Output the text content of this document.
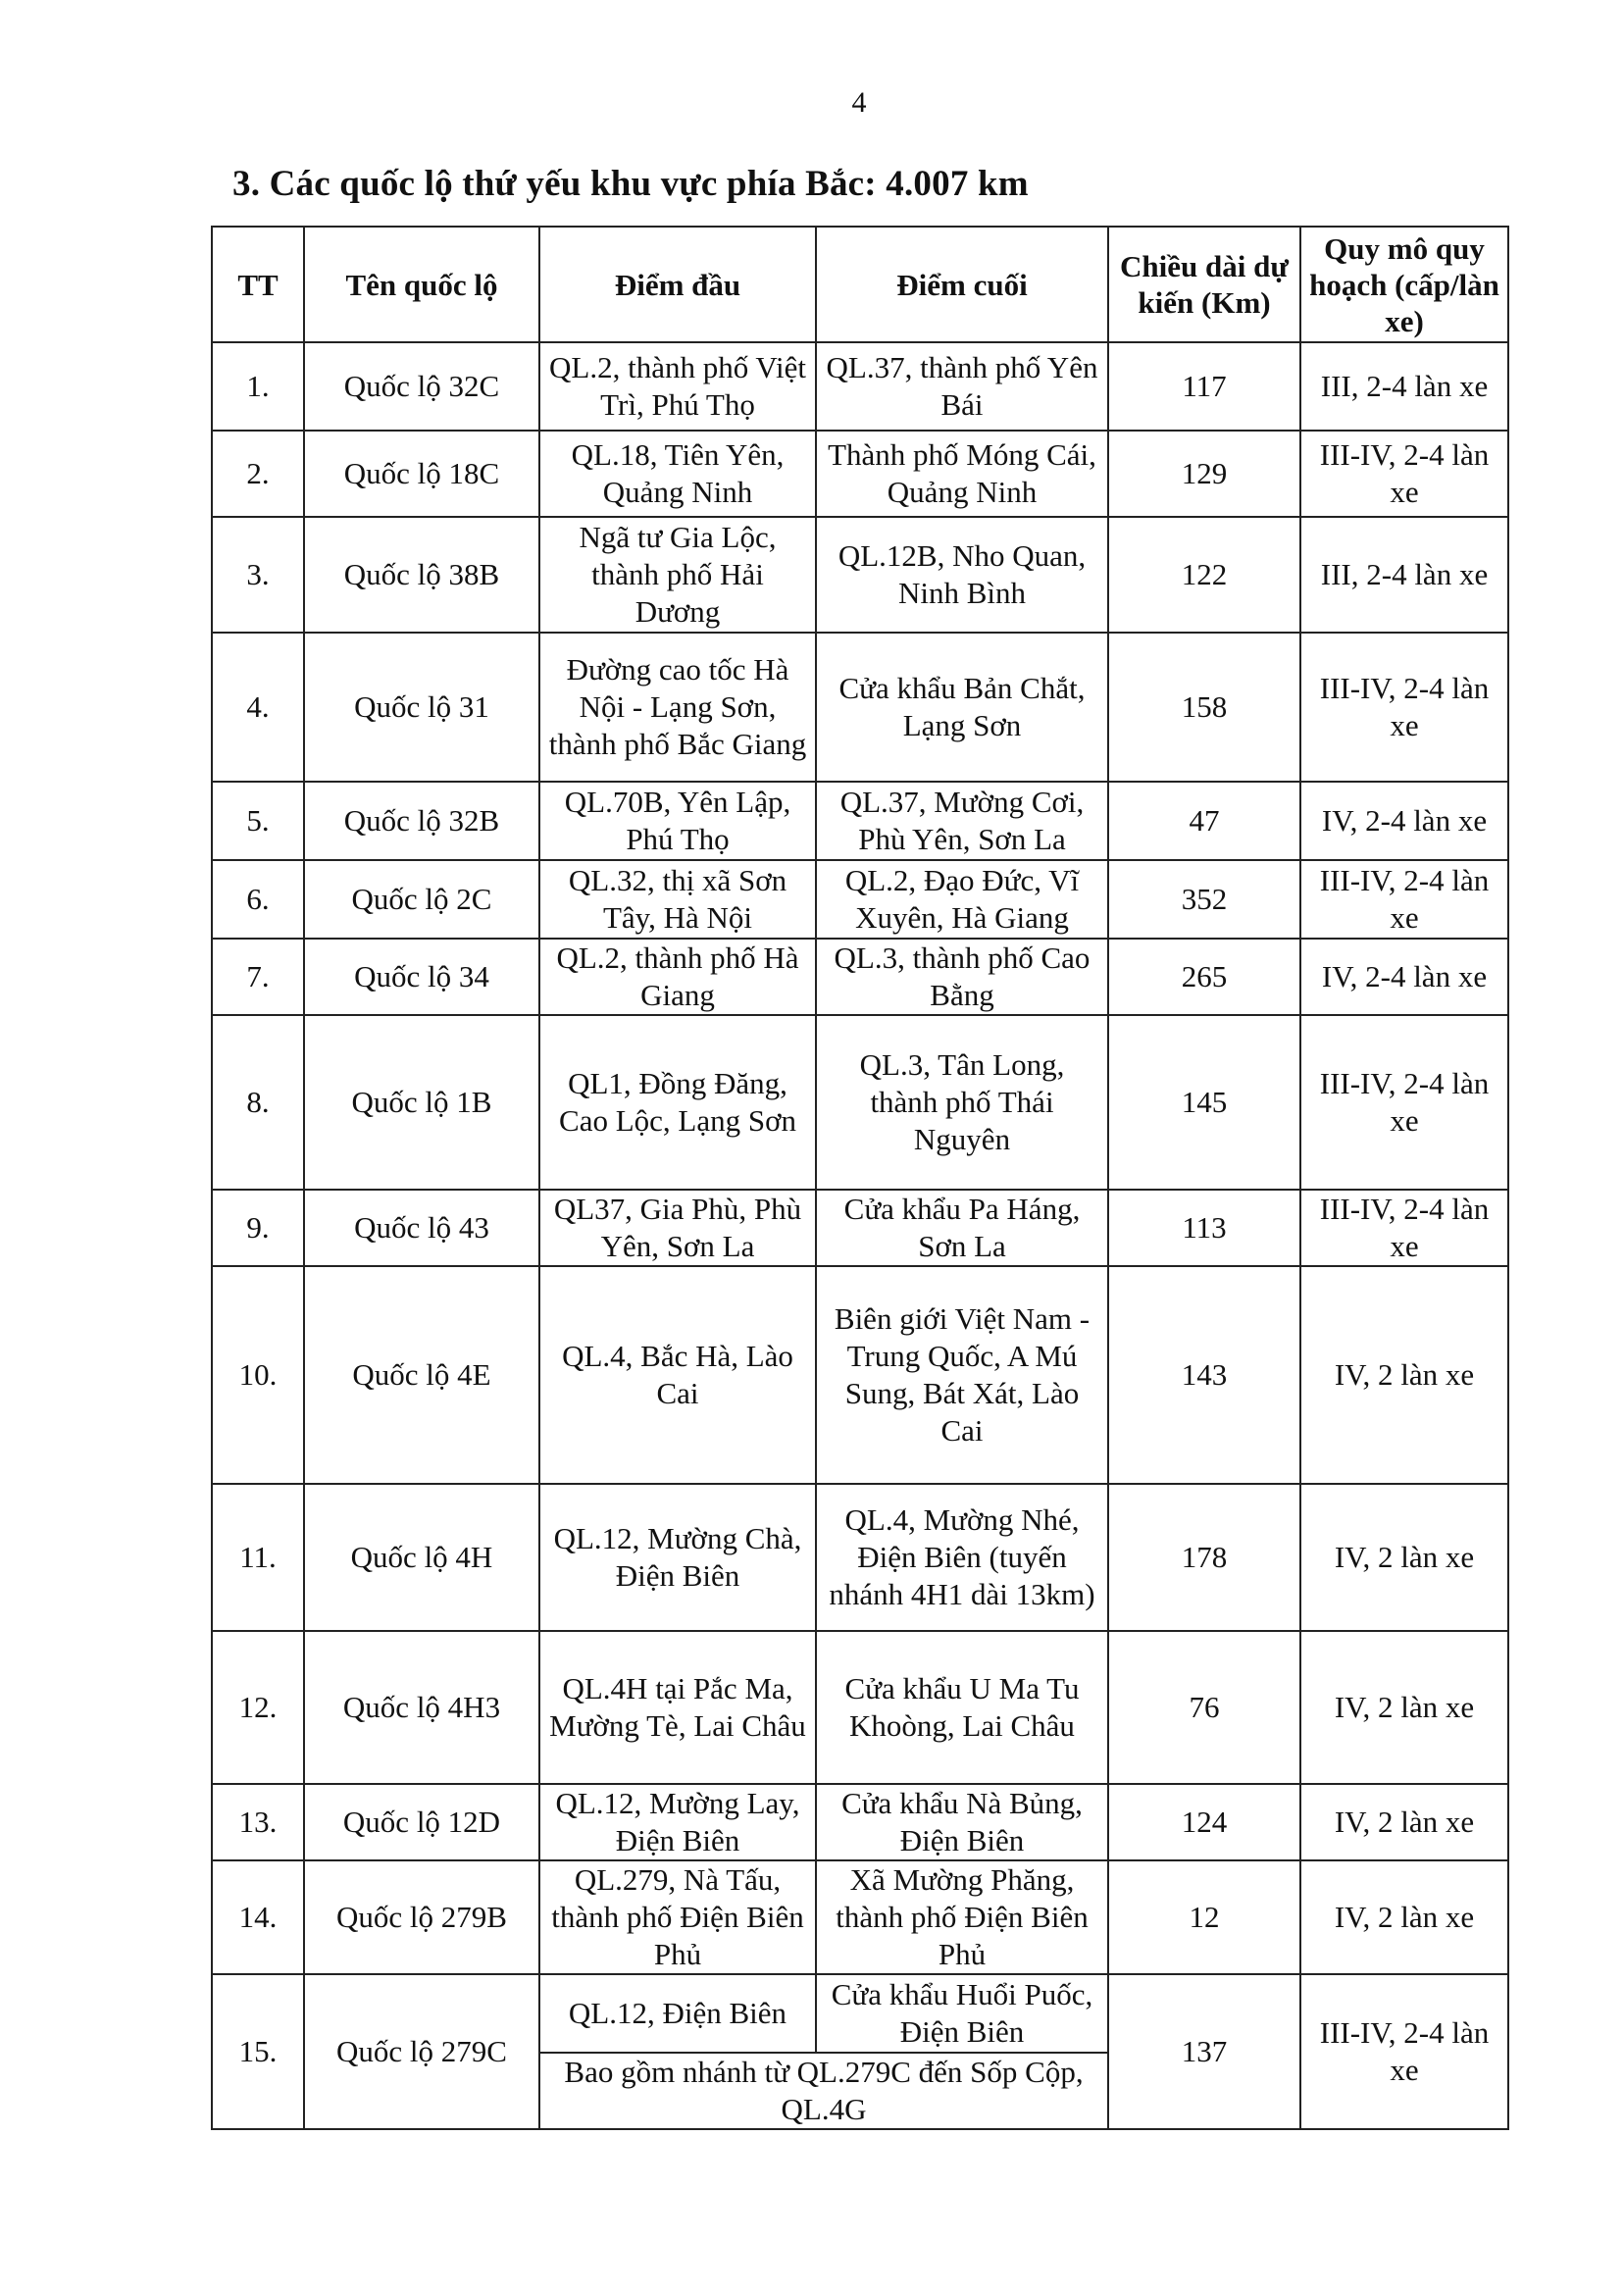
4
3. Các quốc lộ thứ yếu khu vực phía Bắc: 4.007 km
TT	Tên quốc lộ	Điểm đầu	Điểm cuối	Chiều dài dự kiến (Km)	Quy mô quy hoạch (cấp/làn xe)
1.	Quốc lộ 32C	QL.2, thành phố Việt Trì, Phú Thọ	QL.37, thành phố Yên Bái	117	III, 2-4 làn xe
2.	Quốc lộ 18C	QL.18, Tiên Yên, Quảng Ninh	Thành phố Móng Cái, Quảng Ninh	129	III-IV, 2-4 làn xe
3.	Quốc lộ 38B	Ngã tư Gia Lộc, thành phố Hải Dương	QL.12B, Nho Quan, Ninh Bình	122	III, 2-4 làn xe
4.	Quốc lộ 31	Đường cao tốc Hà Nội - Lạng Sơn, thành phố Bắc Giang	Cửa khẩu Bản Chắt, Lạng Sơn	158	III-IV, 2-4 làn xe
5.	Quốc lộ 32B	QL.70B, Yên Lập, Phú Thọ	QL.37, Mường Cơi, Phù Yên, Sơn La	47	IV, 2-4 làn xe
6.	Quốc lộ 2C	QL.32, thị xã Sơn Tây, Hà Nội	QL.2, Đạo Đức, Vĩ Xuyên, Hà Giang	352	III-IV, 2-4 làn xe
7.	Quốc lộ 34	QL.2, thành phố Hà Giang	QL.3, thành phố Cao Bằng	265	IV, 2-4 làn xe
8.	Quốc lộ 1B	QL1, Đồng Đăng, Cao Lộc, Lạng Sơn	QL.3, Tân Long, thành phố Thái Nguyên	145	III-IV, 2-4 làn xe
9.	Quốc lộ 43	QL37, Gia Phù, Phù Yên, Sơn La	Cửa khẩu Pa Háng, Sơn La	113	III-IV, 2-4 làn xe
10.	Quốc lộ 4E	QL.4, Bắc Hà, Lào Cai	Biên giới Việt Nam - Trung Quốc, A Mú Sung, Bát Xát, Lào Cai	143	IV, 2 làn xe
11.	Quốc lộ 4H	QL.12, Mường Chà, Điện Biên	QL.4, Mường Nhé, Điện Biên (tuyến nhánh 4H1 dài 13km)	178	IV, 2 làn xe
12.	Quốc lộ 4H3	QL.4H tại Pắc Ma, Mường Tè, Lai Châu	Cửa khẩu U Ma Tu Khoòng, Lai Châu	76	IV, 2 làn xe
13.	Quốc lộ 12D	QL.12, Mường Lay, Điện Biên	Cửa khẩu Nà Bủng, Điện Biên	124	IV, 2 làn xe
14.	Quốc lộ 279B	QL.279, Nà Tấu, thành phố Điện Biên Phủ	Xã Mường Phăng, thành phố Điện Biên Phủ	12	IV, 2 làn xe
15.	Quốc lộ 279C	QL.12, Điện Biên	Cửa khẩu Huổi Puốc, Điện Biên	137	III-IV, 2-4 làn xe
		Bao gồm nhánh từ QL.279C đến Sốp Cộp, QL.4G			
